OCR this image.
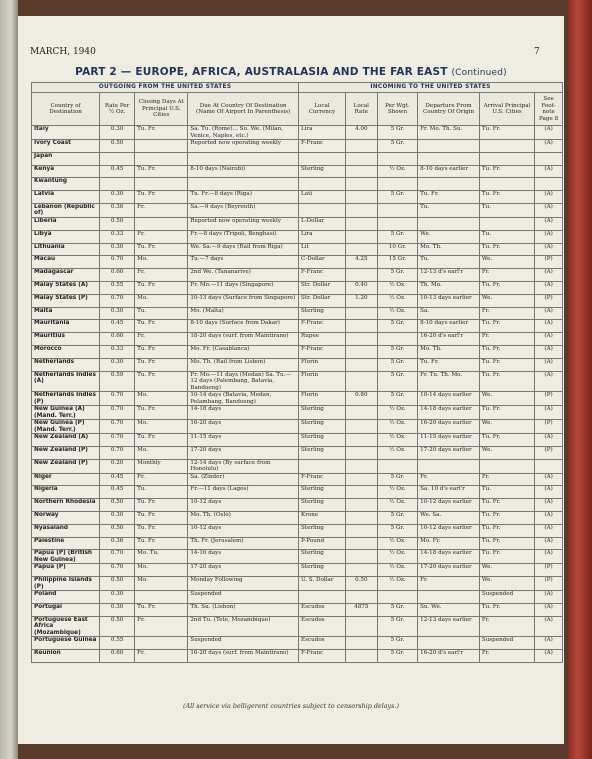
MARCH, 1940	7
PART 2 — EUROPE, AFRICA, AUSTRALASIA AND THE FAR EAST (Continued)
OUTGOING FROM THE UNITED STATES				INCOMING TO THE UNITED STATES					
Country of Destination	Rate Per ½ Oz.	Closing Days At Principal U.S. Cities	Due At Country Of Destination (Name Of Airport In Parenthesis)	Local Currency	Local Rate	Per Wgt. Shown	Departure From Country Of Origin	Arrival Principal U.S. Cities	See Foot-note Page 8
Italy	0.30	Tu. Fr.	Sa. Tu. (Rome)... Su. We. (Milan, Venice, Naples, etc.)	Lira	4.00	5 Gr.	Fr. Mo. Th. Su.	Tu. Fr.	(A)
Ivory Coast	0.50		Reported now operating weekly	F-Franc		5 Gr.			(A)
Japan									
Kenya	0.45	Tu. Fr.	8-10 days (Nairobi)	Sterling		½ Oz.	8-10 days earlier	Tu. Fr.	(A)
Kwantung									
Latvia	0.30	Tu. Fr.	Tu. Fr.—8 days (Riga)	Lati		5 Gr.	Tu. Fr.	Tu. Fr.	(A)
Lebanon (Republic of)	0.36	Fr.	Sa.—9 days (Beyrouth)				Tu.	Tu.	(A)
Liberia	0.50		Reported now operating weekly	L-Dollar					(A)
Libya	0.33	Fr.	Fr.—8 days (Tripoli, Benghasi)	Lira		5 Gr.	We.	Tu.	(A)
Lithuania	0.30	Tu. Fr.	We. Sa.—9 days (Rail from Riga)	Lit		10 Gr.	Mo. Th.	Tu. Fr.	(A)
Macau	0.70	Mo.	Tu.—7 days	C-Dollar	4.25	15 Gr.	Tu.	We.	(P)
Madagascar	0.60	Fr.	2nd We. (Tananarive)	F-Franc		5 Gr.	12-13 d's earl'r	Fr.	(A)
Malay States (A)	0.55	Tu. Fr.	Fr. Mo.—11 days (Singapore)	Str. Dollar	0.40	½ Oz.	Th. Mo.	Tu. Fr.	(A)
Malay States (P)	0.70	Mo.	10-13 days (Surface from Singapore)	Str. Dollar	1.20	½ Oz.	10-13 days earlier	We.	(P)
Malta	0.30	Tu.	Mo. (Malta)	Sterling		½ Oz.	Sa.	Fr.	(A)
Mauritania	0.45	Tu. Fr.	8-10 days (Surface from Dakar)	F-Franc		5 Gr.	8-10 days earlier	Tu. Fr.	(A)
Mauritius	0.60	Fr.	18-20 days (surf. from Maintirano)	Rupee			16-20 d's earl'r	Fr.	(A)
Morocco	0.33	Tu. Fr.	Mo. Fr. (Casablanca)	F-Franc		5 Gr.	Mo. Th.	Tu. Fr.	(A)
Netherlands	0.30	Tu. Fr.	Mo. Th. (Rail from Lisbon)	Florin		5 Gr.	Tu. Fr.	Tu. Fr.	(A)
Netherlands Indies (A)	0.59	Tu. Fr.	Fr. Mo.—11 days (Medan) Sa. Tu.—12 days (Palembang, Batavia, Bandoeng)	Florin		5 Gr.	Fr. Tu. Th. Mo.	Tu. Fr.	(A)
Netherlands Indies (P)	0.70	Mo.	10-14 days (Batavia, Medan, Pelambang, Bandoeng)	Florin	0.80	5 Gr.	10-14 days earlier	We.	(P)
New Guinea (A) (Mand. Terr.)	0.70	Tu. Fr.	14-18 days	Sterling		½ Oz.	14-18 days earlier	Tu. Fr.	(A)
New Guinea (P) (Mand. Terr.)	0.70	Mo.	16-20 days	Sterling		½ Oz.	16-20 days earlier	We.	(P)
New Zealand (A)	0.70	Tu. Fr.	11-15 days	Sterling		½ Oz.	11-15 days earlier	Tu. Fr.	(A)
New Zealand (P)	0.70	Mo.	17-20 days	Sterling		½ Oz.	17-20 days earlier	We.	(P)
New Zealand (P)	0.20	Monthly	12-14 days (By surface from Honolulu)						
Niger	0.45	Fr.	Sa. (Zinder)	F-Franc		5 Gr.	Fr.	Fr.	(A)
Nigeria	0.45	Tu.	Fr.—11 days (Lagos)	Sterling		½ Oz.	Sa. 10 d's earl'r	Tu.	(A)
Northern Rhodesia	0.50	Tu. Fr.	10-12 days	Sterling		½ Oz.	10-12 days earlier	Tu. Fr.	(A)
Norway	0.30	Tu. Fr.	Mo. Th. (Oslo)	Krone		5 Gr.	We. Sa.	Tu. Fr.	(A)
Nyasaland	0.50	Tu. Fr.	10-12 days	Sterling		5 Gr.	10-12 days earlier	Tu. Fr.	(A)
Palestine	0.36	Tu. Fr.	Th. Fr. (Jerusalem)	P-Pound		½ Oz.	Mo. Fr.	Tu. Fr.	(A)
Papua (P) (British New Guinea)	0.70	Mo. Tu.	14-16 days	Sterling		½ Oz.	14-18 days earlier	Tu. Fr.	(A)
Papua (P)	0.70	Mo.	17-20 days	Sterling		½ Oz.	17-20 days earlier	We.	(P)
Philippine Islands (P)	0.50	Mo.	Monday Following	U. S. Dollar	0.50	½ Oz.	Fr.	We.	(P)
Poland	0.30		Suspended					Suspended	(A)
Portugal	0.30	Tu. Fr.	Th. Su. (Lisbon)	Escudos	4875	5 Gr.	Su. We.	Tu. Fr.	(A)
Portuguese East Africa (Mozambique)	0.50	Fr.	2nd Tu. (Tete, Mozambique)	Escudos		5 Gr.	12-13 days earlier	Fr.	(A)
Portuguese Guinea	0.55		Suspended	Escudos		5 Gr.		Suspended	(A)
Reunion	0.60	Fr.	16-20 days (surf. from Maintirano)	F-Franc		5 Gr.	16-20 d's earl'r	Fr.	(A)
(All service via belligerent countries subject to censorship delays.)
